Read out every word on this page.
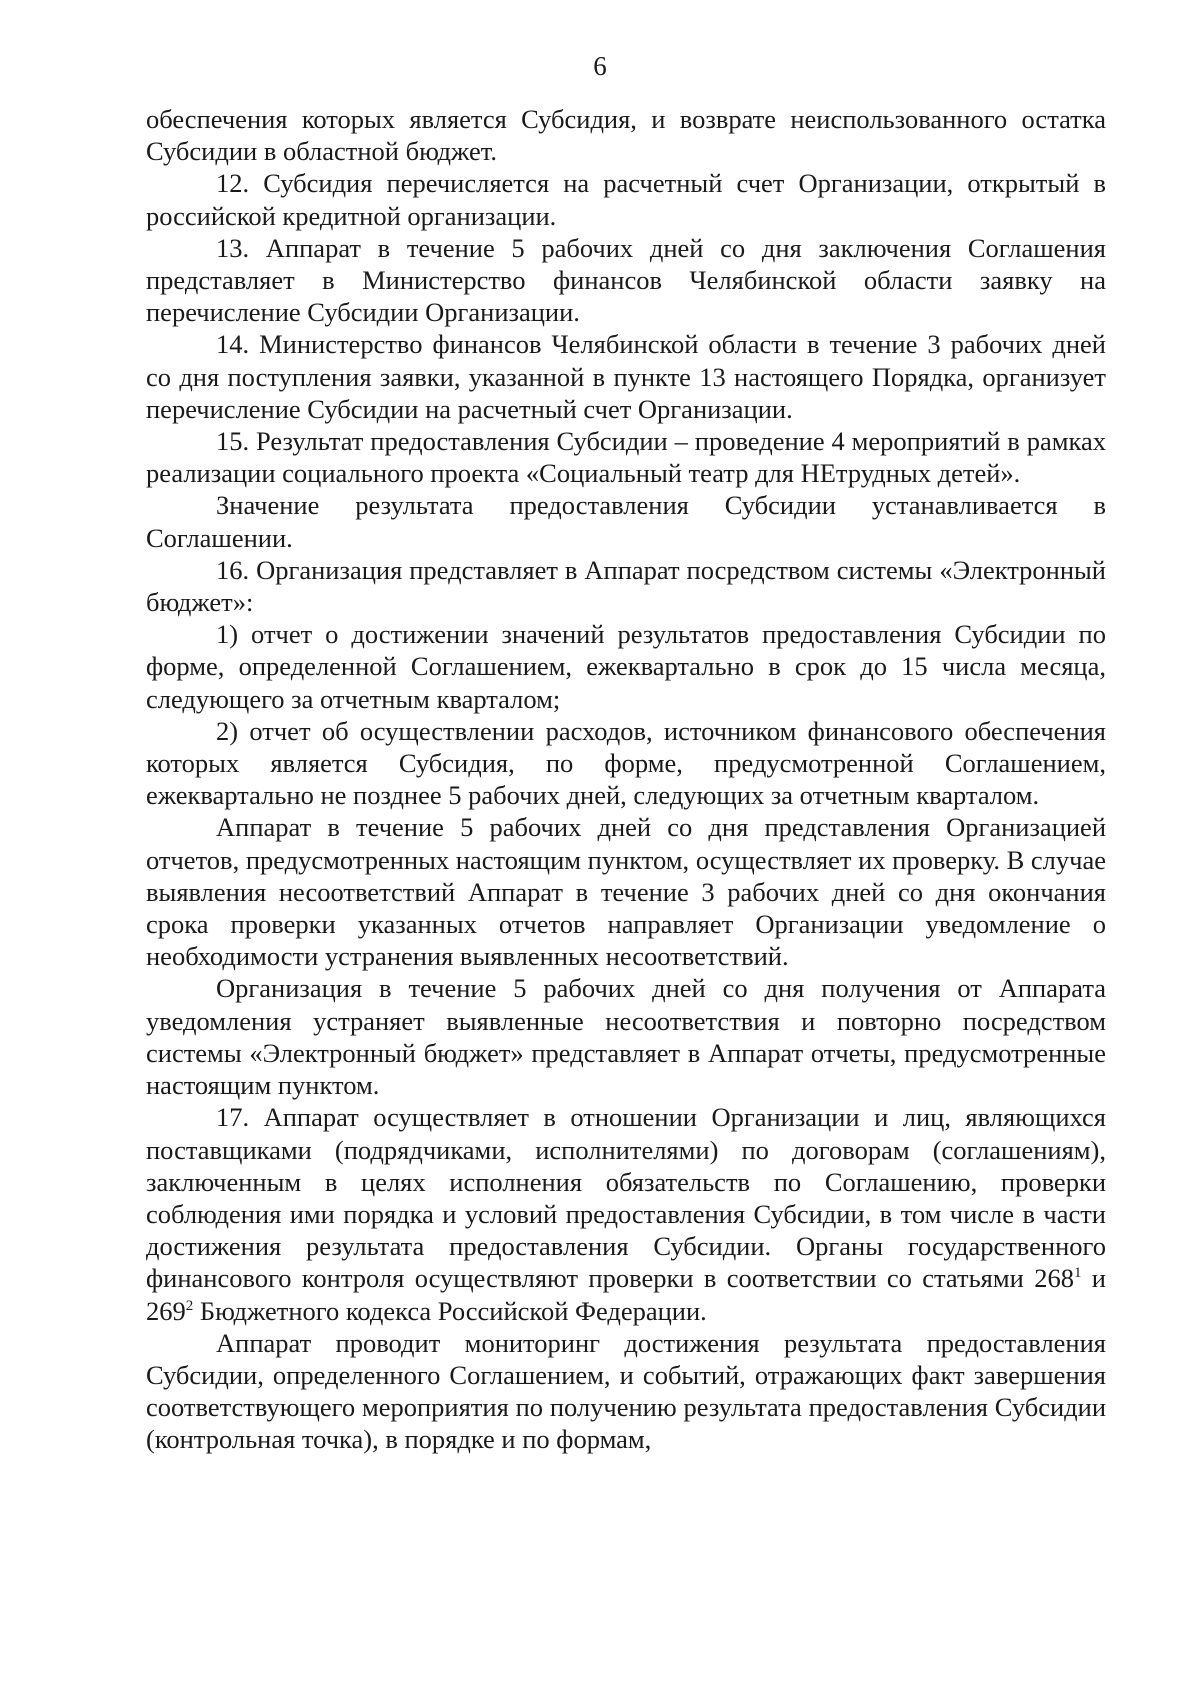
6

обеспечения которых является Субсидия, и возврате неиспользованного остатка Субсидии в областной бюджет.

12. Субсидия перечисляется на расчетный счет Организации, открытый в российской кредитной организации.

13. Аппарат в течение 5 рабочих дней со дня заключения Соглашения представляет в Министерство финансов Челябинской области заявку на перечисление Субсидии Организации.

14. Министерство финансов Челябинской области в течение 3 рабочих дней со дня поступления заявки, указанной в пункте 13 настоящего Порядка, организует перечисление Субсидии на расчетный счет Организации.

15. Результат предоставления Субсидии – проведение 4 мероприятий в рамках реализации социального проекта «Социальный театр для НЕтрудных детей».

Значение результата предоставления Субсидии устанавливается в Соглашении.

16. Организация представляет в Аппарат посредством системы «Электронный бюджет»:

1) отчет о достижении значений результатов предоставления Субсидии по форме, определенной Соглашением, ежеквартально в срок до 15 числа месяца, следующего за отчетным кварталом;

2) отчет об осуществлении расходов, источником финансового обеспечения которых является Субсидия, по форме, предусмотренной Соглашением, ежеквартально не позднее 5 рабочих дней, следующих за отчетным кварталом.

Аппарат в течение 5 рабочих дней со дня представления Организацией отчетов, предусмотренных настоящим пунктом, осуществляет их проверку. В случае выявления несоответствий Аппарат в течение 3 рабочих дней со дня окончания срока проверки указанных отчетов направляет Организации уведомление о необходимости устранения выявленных несоответствий.

Организация в течение 5 рабочих дней со дня получения от Аппарата уведомления устраняет выявленные несоответствия и повторно посредством системы «Электронный бюджет» представляет в Аппарат отчеты, предусмотренные настоящим пунктом.

17. Аппарат осуществляет в отношении Организации и лиц, являющихся поставщиками (подрядчиками, исполнителями) по договорам (соглашениям), заключенным в целях исполнения обязательств по Соглашению, проверки соблюдения ими порядка и условий предоставления Субсидии, в том числе в части достижения результата предоставления Субсидии. Органы государственного финансового контроля осуществляют проверки в соответствии со статьями $268^1$ и $269^2$ Бюджетного кодекса Российской Федерации.

Аппарат проводит мониторинг достижения результата предоставления Субсидии, определенного Соглашением, и событий, отражающих факт завершения соответствующего мероприятия по получению результата предоставления Субсидии (контрольная точка), в порядке и по формам,
